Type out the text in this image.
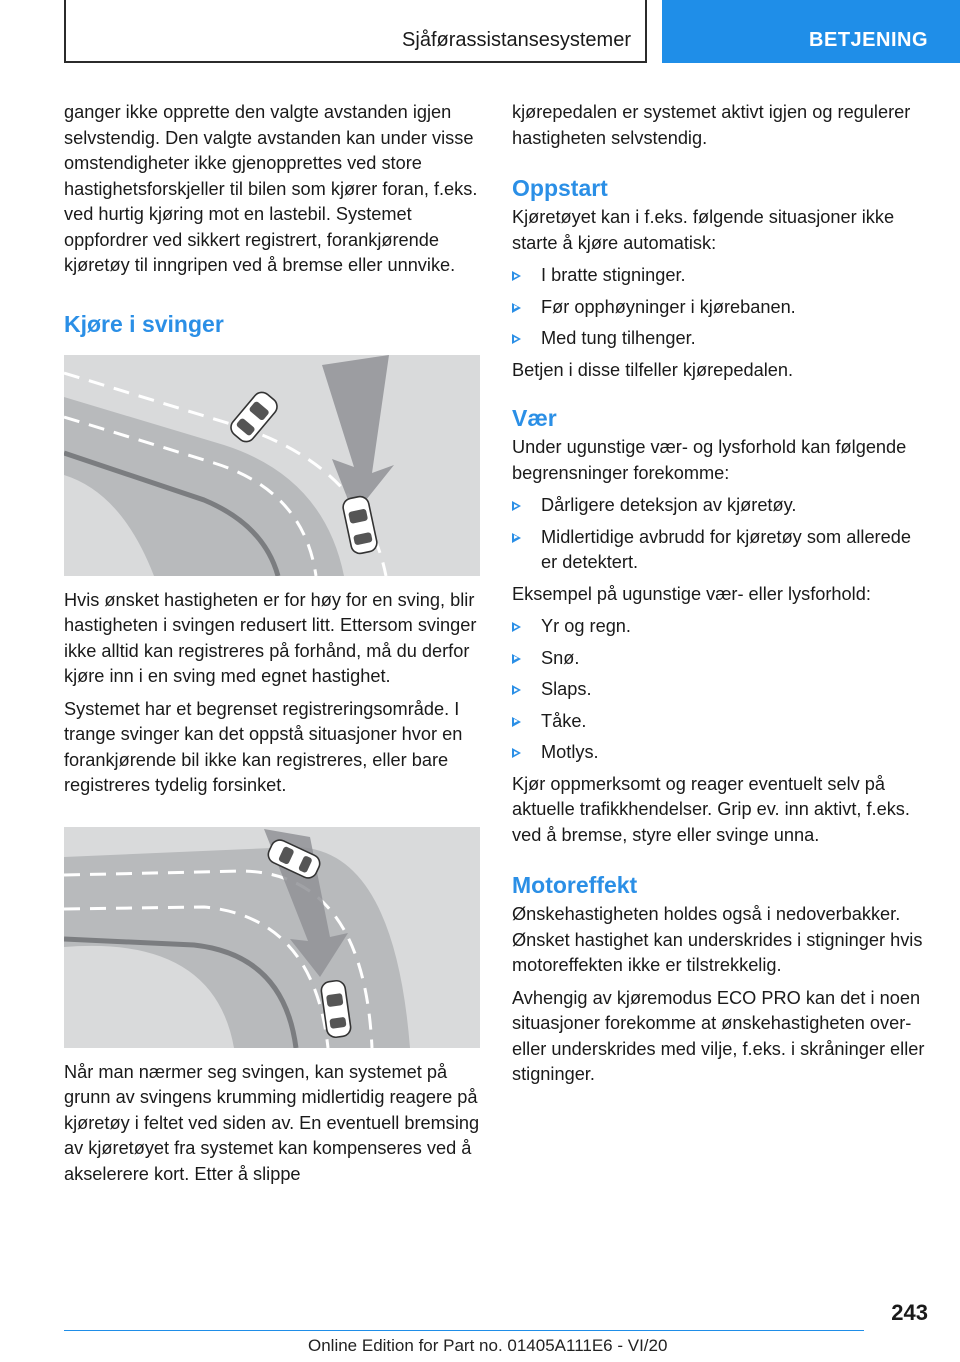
Sjåførassistansesystemer	BETJENING

ganger ikke opprette den valgte avstanden igjen selvstendig. Den valgte avstanden kan under visse omstendigheter ikke gjenopprettes ved store hastighetsforskjeller til bilen som kjører foran, f.eks. ved hurtig kjøring mot en lastebil. Systemet oppfordrer ved sikkert registrert, forankjørende kjøretøy til inngripen ved å bremse eller unnvike.

Kjøre i svinger

Hvis ønsket hastigheten er for høy for en sving, blir hastigheten i svingen redusert litt. Ettersom svinger ikke alltid kan registreres på forhånd, må du derfor kjøre inn i en sving med egnet hastighet.

Systemet har et begrenset registreringsområde. I trange svinger kan det oppstå situasjoner hvor en forankjørende bil ikke kan registreres, eller bare registreres tydelig forsinket.

Når man nærmer seg svingen, kan systemet på grunn av svingens krumming midlertidig reagere på kjøretøy i feltet ved siden av. En eventuell bremsing av kjøretøyet fra systemet kan kompenseres ved å akselerere kort. Etter å slippe

kjørepedalen er systemet aktivt igjen og regulerer hastigheten selvstendig.

Oppstart

Kjøretøyet kan i f.eks. følgende situasjoner ikke starte å kjøre automatisk:

I bratte stigninger.
Før opphøyninger i kjørebanen.
Med tung tilhenger.

Betjen i disse tilfeller kjørepedalen.

Vær

Under ugunstige vær- og lysforhold kan følgende begrensninger forekomme:

Dårligere deteksjon av kjøretøy.
Midlertidige avbrudd for kjøretøy som allerede er detektert.

Eksempel på ugunstige vær- eller lysforhold:

Yr og regn.
Snø.
Slaps.
Tåke.
Motlys.

Kjør oppmerksomt og reager eventuelt selv på aktuelle trafikkhendelser. Grip ev. inn aktivt, f.eks. ved å bremse, styre eller svinge unna.

Motoreffekt

Ønskehastigheten holdes også i nedoverbakker. Ønsket hastighet kan underskrides i stigninger hvis motoreffekten ikke er tilstrekkelig.

Avhengig av kjøremodus ECO PRO kan det i noen situasjoner forekomme at ønskehastigheten over- eller underskrides med vilje, f.eks. i skråninger eller stigninger.

243
Online Edition for Part no. 01405A111E6 - VI/20
